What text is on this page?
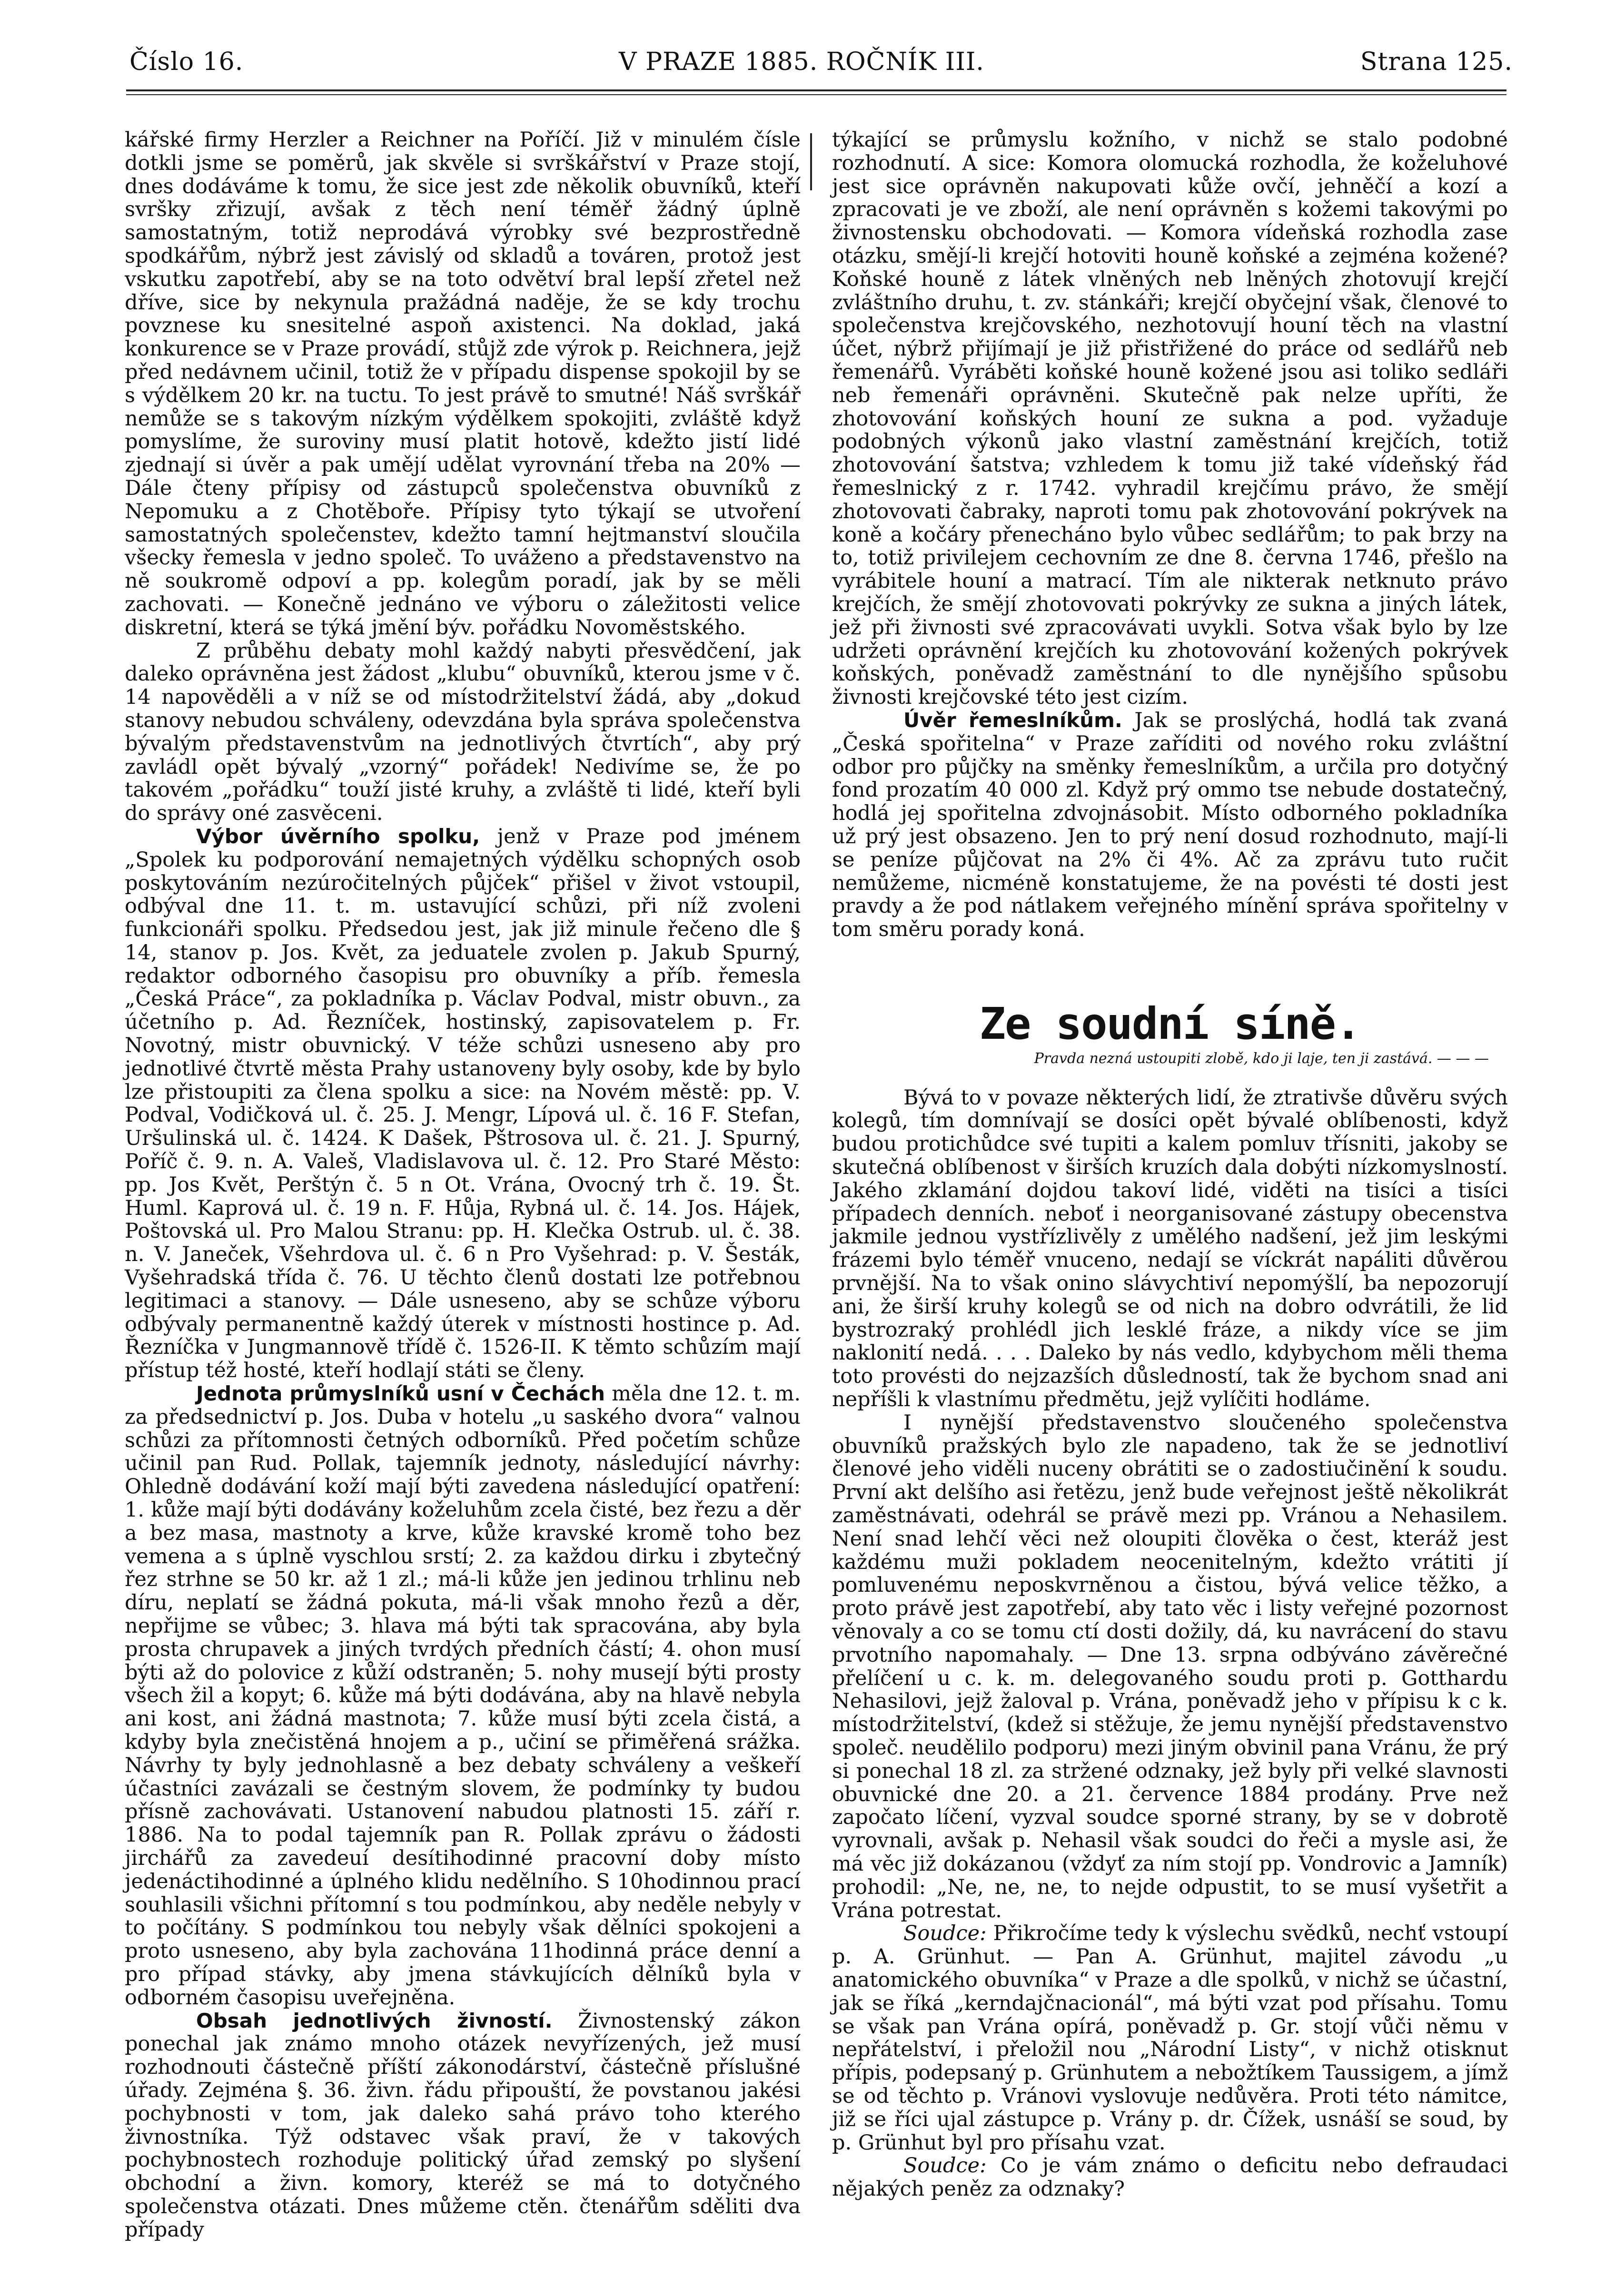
Číslo 16.	V PRAZE 1885. ROČNÍK III.	Strana 125.

kářské firmy Herzler a Reichner na Poříčí. Již v minulém čísle dotkli jsme se poměrů, jak skvěle si svrškářství v Praze stojí, dnes dodáváme k tomu, že sice jest zde několik obuvníků, kteří svršky zřizují, avšak z těch není téměř žádný úplně samostatným, totiž neprodává výrobky své bezprostředně spodkářům, nýbrž jest závislý od skladů a továren, protož jest vskutku zapotřebí, aby se na toto odvětví bral lepší zřetel než dříve, sice by nekynula pražádná naděje, že se kdy trochu povznese ku snesitelné aspoň axistenci. Na doklad, jaká konkurence se v Praze provádí, stůjž zde výrok p. Reichnera, jejž před nedávnem učinil, totiž že v případu dispense spokojil by se s výdělkem 20 kr. na tuctu. To jest právě to smutné! Náš svrškář nemůže se s takovým nízkým výdělkem spokojiti, zvláště když pomyslíme, že suroviny musí platit hotově, kdežto jistí lidé zjednají si úvěr a pak umějí udělat vyrovnání třeba na 20% — Dále čteny přípisy od zástupců společenstva obuvníků z Nepomuku a z Chotěboře. Přípisy tyto týkají se utvoření samostatných společenstev, kdežto tamní hejtmanství sloučila všecky řemesla v jedno společ. To uváženo a představenstvo na ně soukromě odpoví a pp. kolegům poradí, jak by se měli zachovati. — Konečně jednáno ve výboru o záležitosti velice diskretní, která se týká jmění býv. pořádku Novoměstského.

Z průběhu debaty mohl každý nabyti přesvědčení, jak daleko oprávněna jest žádost „klubu“ obuvníků, kterou jsme v č. 14 napověděli a v níž se od místodržitelství žádá, aby „dokud stanovy nebudou schváleny, odevzdána byla správa společenstva bývalým představenstvům na jednotlivých čtvrtích“, aby prý zavládl opět bývalý „vzorný“ pořádek! Nedivíme se, že po takovém „pořádku“ touží jisté kruhy, a zvláště ti lidé, kteří byli do správy oné zasvěceni.

Výbor úvěrního spolku, jenž v Praze pod jménem „Spolek ku podporování nemajetných výdělku schopných osob poskytováním nezúročitelných půjček“ přišel v život vstoupil, odbýval dne 11. t. m. ustavující schůzi, při níž zvoleni funkcionáři spolku. Předsedou jest, jak již minule řečeno dle § 14, stanov p. Jos. Květ, za jeduatele zvolen p. Jakub Spurný, redaktor odborného časopisu pro obuvníky a příb. řemesla „Česká Práce“, za pokladníka p. Václav Podval, mistr obuvn., za účetního p. Ad. Řezníček, hostinský, zapisovatelem p. Fr. Novotný, mistr obuvnický. V téže schůzi usneseno aby pro jednotlivé čtvrtě města Prahy ustanoveny byly osoby, kde by bylo lze přistoupiti za člena spolku a sice: na Novém městě: pp. V. Podval, Vodičková ul. č. 25. J. Mengr, Lípová ul. č. 16 F. Stefan, Uršulinská ul. č. 1424. K Dašek, Pštrosova ul. č. 21. J. Spurný, Poříč č. 9. n. A. Valeš, Vladislavova ul. č. 12. Pro Staré Město: pp. Jos Květ, Perštýn č. 5 n Ot. Vrána, Ovocný trh č. 19. Št. Huml. Kaprová ul. č. 19 n. F. Hůja, Rybná ul. č. 14. Jos. Hájek, Poštovská ul. Pro Malou Stranu: pp. H. Klečka Ostrub. ul. č. 38. n. V. Janeček, Všehrdova ul. č. 6 n Pro Vyšehrad: p. V. Šesták, Vyšehradská třída č. 76. U těchto členů dostati lze potřebnou legitimaci a stanovy. — Dále usneseno, aby se schůze výboru odbývaly permanentně každý úterek v místnosti hostince p. Ad. Řezníčka v Jungmannově třídě č. 1526-II. K těmto schůzím mají přístup též hosté, kteří hodlají státi se členy.

Jednota průmyslníků usní v Čechách měla dne 12. t. m. za předsednictví p. Jos. Duba v hotelu „u saského dvora“ valnou schůzi za přítomnosti četných odborníků. Před početím schůze učinil pan Rud. Pollak, tajemník jednoty, následující návrhy: Ohledně dodávání koží mají býti zavedena následující opatření: 1. kůže mají býti dodávány koželuhům zcela čisté, bez řezu a děr a bez masa, mastnoty a krve, kůže kravské kromě toho bez vemena a s úplně vyschlou srstí; 2. za každou dirku i zbytečný řez strhne se 50 kr. až 1 zl.; má-li kůže jen jedinou trhlinu neb díru, neplatí se žádná pokuta, má-li však mnoho řezů a děr, nepřijme se vůbec; 3. hlava má býti tak spracována, aby byla prosta chrupavek a jiných tvrdých předních částí; 4. ohon musí býti až do polovice z kůží odstraněn; 5. nohy musejí býti prosty všech žil a kopyt; 6. kůže má býti dodávána, aby na hlavě nebyla ani kost, ani žádná mastnota; 7. kůže musí býti zcela čistá, a kdyby byla znečistěná hnojem a p., učiní se přiměřená srážka. Návrhy ty byly jednohlasně a bez debaty schváleny a veškeří účastníci zavázali se čestným slovem, že podmínky ty budou přísně zachovávati. Ustanovení nabudou platnosti 15. září r. 1886. Na to podal tajemník pan R. Pollak zprávu o žádosti jirchářů za zavedeuí desítihodinné pracovní doby místo jedenáctihodinné a úplného klidu nedělního. S 10hodinnou prací souhlasili všichni přítomní s tou podmínkou, aby neděle nebyly v to počítány. S podmínkou tou nebyly však dělníci spokojeni a proto usneseno, aby byla zachována 11hodinná práce denní a pro případ stávky, aby jmena stávkujících dělníků byla v odborném časopisu uveřejněna.

Obsah jednotlivých živností. Živnostenský zákon ponechal jak známo mnoho otázek nevyřízených, jež musí rozhodnouti částečně příští zákonodárství, částečně příslušné úřady. Zejména §. 36. živn. řádu připouští, že povstanou jakési pochybnosti v tom, jak daleko sahá právo toho kterého živnostníka. Týž odstavec však praví, že v takových pochybnostech rozhoduje politický úřad zemský po slyšení obchodní a živn. komory, kteréž se má to dotyčného společenstva otázati. Dnes můžeme ctěn. čtenářům sděliti dva případy

týkající se průmyslu kožního, v nichž se stalo podobné rozhodnutí. A sice: Komora olomucká rozhodla, že koželuhové jest sice oprávněn nakupovati kůže ovčí, jehněčí a kozí a zpracovati je ve zboží, ale není oprávněn s kožemi takovými po živnostensku obchodovati. — Komora vídeňská rozhodla zase otázku, smějí-li krejčí hotoviti houně koňské a zejména kožené? Koňské houně z látek vlněných neb lněných zhotovují krejčí zvláštního druhu, t. zv. stánkáři; krejčí obyčejní však, členové to společenstva krejčovského, nezhotovují houní těch na vlastní účet, nýbrž přijímají je již přistřižené do práce od sedlářů neb řemenářů. Vyráběti koňské houně kožené jsou asi toliko sedláři neb řemenáři oprávněni. Skutečně pak nelze upříti, že zhotovování koňských houní ze sukna a pod. vyžaduje podobných výkonů jako vlastní zaměstnání krejčích, totiž zhotovování šatstva; vzhledem k tomu již také vídeňský řád řemeslnický z r. 1742. vyhradil krejčímu právo, že smějí zhotovovati čabraky, naproti tomu pak zhotovování pokrývek na koně a kočáry přenecháno bylo vůbec sedlářům; to pak brzy na to, totiž privilejem cechovním ze dne 8. června 1746, přešlo na vyrábitele houní a matrací. Tím ale nikterak netknuto právo krejčích, že smějí zhotovovati pokrývky ze sukna a jiných látek, jež při živnosti své zpracovávati uvykli. Sotva však bylo by lze udržeti oprávnění krejčích ku zhotovování kožených pokrývek koňských, poněvadž zaměstnání to dle nynějšího spůsobu živnosti krejčovské této jest cizím.

Úvěr řemeslníkům. Jak se proslýchá, hodlá tak zvaná „Česká spořitelna“ v Praze zaříditi od nového roku zvláštní odbor pro půjčky na směnky řemeslníkům, a určila pro dotyčný fond prozatím 40 000 zl. Když prý ommo tse nebude dostatečný, hodlá jej spořitelna zdvojnásobit. Místo odborného pokladníka už prý jest obsazeno. Jen to prý není dosud rozhodnuto, mají-li se peníze půjčovat na 2% či 4%. Ač za zprávu tuto ručit nemůžeme, nicméně konstatujeme, že na povésti té dosti jest pravdy a že pod nátlakem veřejného mínění správa spořitelny v tom směru porady koná.

Ze soudní síně.
Pravda nezná ustoupiti zlobě, kdo ji laje, ten ji zastává. — — —

Bývá to v povaze některých lidí, že ztrativše důvěru svých kolegů, tím domnívají se dosíci opět bývalé oblíbenosti, když budou protichůdce své tupiti a kalem pomluv třísniti, jakoby se skutečná oblíbenost v širších kruzích dala dobýti nízkomyslností. Jakého zklamání dojdou takoví lidé, viděti na tisíci a tisíci případech denních. neboť i neorganisované zástupy obecenstva jakmile jednou vystřízlivěly z umělého nadšení, jež jim leskými frázemi bylo téměř vnuceno, nedají se víckrát napáliti důvěrou prvnější. Na to však onino slávychtiví nepomýšlí, ba nepozorují ani, že širší kruhy kolegů se od nich na dobro odvrátili, že lid bystrozraký prohlédl jich lesklé fráze, a nikdy více se jim naklonití nedá. . . . Daleko by nás vedlo, kdybychom měli thema toto provésti do nejzazších důsledností, tak že bychom snad ani nepříšli k vlastnímu předmětu, jejž vylíčiti hodláme.

I nynější představenstvo sloučeného společenstva obuvníků pražských bylo zle napadeno, tak že se jednotliví členové jeho viděli nuceny obrátiti se o zadostiučinění k soudu. První akt delšího asi řetězu, jenž bude veřejnost ještě několikrát zaměstnávati, odehrál se právě mezi pp. Vránou a Nehasilem. Není snad lehčí věci než oloupiti člověka o čest, kteráž jest každému muži pokladem neocenitelným, kdežto vrátiti jí pomluvenému neposkvrněnou a čistou, bývá velice těžko, a proto právě jest zapotřebí, aby tato věc i listy veřejné pozornost věnovaly a co se tomu ctí dosti dožily, dá, ku navrácení do stavu prvotního napomahaly. — Dne 13. srpna odbýváno závěrečné přelíčení u c. k. m. delegovaného soudu proti p. Gotthardu Nehasilovi, jejž žaloval p. Vrána, poněvadž jeho v přípisu k c k. místodržitelství, (kdež si stěžuje, že jemu nynější představenstvo společ. neudělilo podporu) mezi jiným obvinil pana Vránu, že prý si ponechal 18 zl. za stržené odznaky, jež byly při velké slavnosti obuvnické dne 20. a 21. července 1884 prodány. Prve než započato líčení, vyzval soudce sporné strany, by se v dobrotě vyrovnali, avšak p. Nehasil však soudci do řeči a mysle asi, že má věc již dokázanou (vždyť za ním stojí pp. Vondrovic a Jamník) prohodil: „Ne, ne, ne, to nejde odpustit, to se musí vyšetřit a Vrána potrestat.

Soudce: Přikročíme tedy k výslechu svědků, nechť vstoupí p. A. Grünhut. — Pan A. Grünhut, majitel závodu „u anatomického obuvníka“ v Praze a dle spolků, v nichž se účastní, jak se říká „kerndajčnacionál“, má býti vzat pod přísahu. Tomu se však pan Vrána opírá, poněvadž p. Gr. stojí vůči němu v nepřátelství, i přeložil nou „Národní Listy“, v nichž otisknut přípis, podepsaný p. Grünhutem a nebožtíkem Taussigem, a jímž se od těchto p. Vránovi vyslovuje nedůvěra. Proti této námitce, již se říci ujal zástupce p. Vrány p. dr. Čížek, usnáší se soud, by p. Grünhut byl pro přísahu vzat.

Soudce: Co je vám známo o deficitu nebo defraudaci nějakých peněz za odznaky?
